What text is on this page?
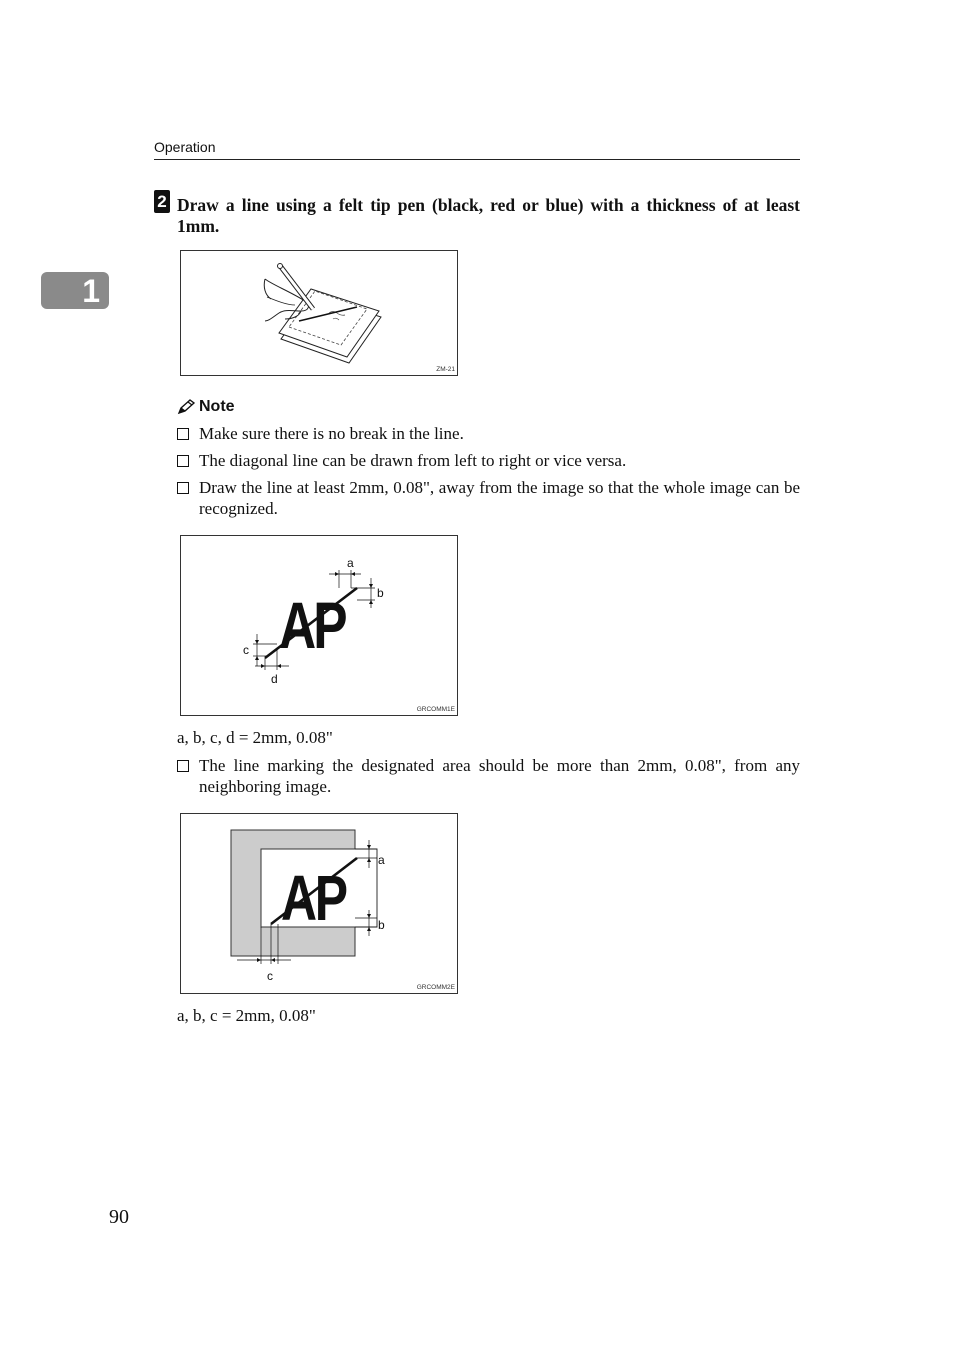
Operation
1
2 Draw a line using a felt tip pen (black, red or blue) with a thickness of at least 1mm.
ZM-21
Note
Make sure there is no break in the line.
The diagonal line can be drawn from left to right or vice versa.
Draw the line at least 2mm, 0.08", away from the image so that the whole image can be recognized.
AP
a
b
c
d
GRCOMM1E
a, b, c, d = 2mm, 0.08"
The line marking the designated area should be more than 2mm, 0.08", from any neighboring image.
AP
a
b
c
GRCOMM2E
a, b, c = 2mm, 0.08"
90
